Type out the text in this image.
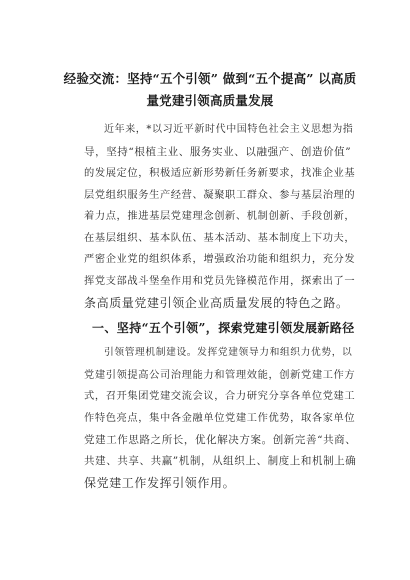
经验交流：坚持“五个引领” 做到“五个提高” 以高质
量党建引领高质量发展
近年来，*以习近平新时代中国特色社会主义思想为指
导，坚持“根植主业、服务实业、以融强产、创造价值”
的发展定位，积极适应新形势新任务新要求，找准企业基
层党组织服务生产经营、凝聚职工群众、参与基层治理的
着力点，推进基层党建理念创新、机制创新、手段创新，
在基层组织、基本队伍、基本活动、基本制度上下功夫，
严密企业党的组织体系，增强政治功能和组织力，充分发
挥党支部战斗堡垒作用和党员先锋模范作用，探索出了一
条高质量党建引领企业高质量发展的特色之路。
一、坚持“五个引领”，探索党建引领发展新路径
引领管理机制建设。发挥党建领导力和组织力优势，以
党建引领提高公司治理能力和管理效能，创新党建工作方
式，召开集团党建交流会议，合力研究分享各单位党建工
作特色亮点，集中各金融单位党建工作优势，取各家单位
党建工作思路之所长，优化解决方案。创新完善“共商、
共建、共享、共赢”机制，从组织上、制度上和机制上确
保党建工作发挥引领作用。
